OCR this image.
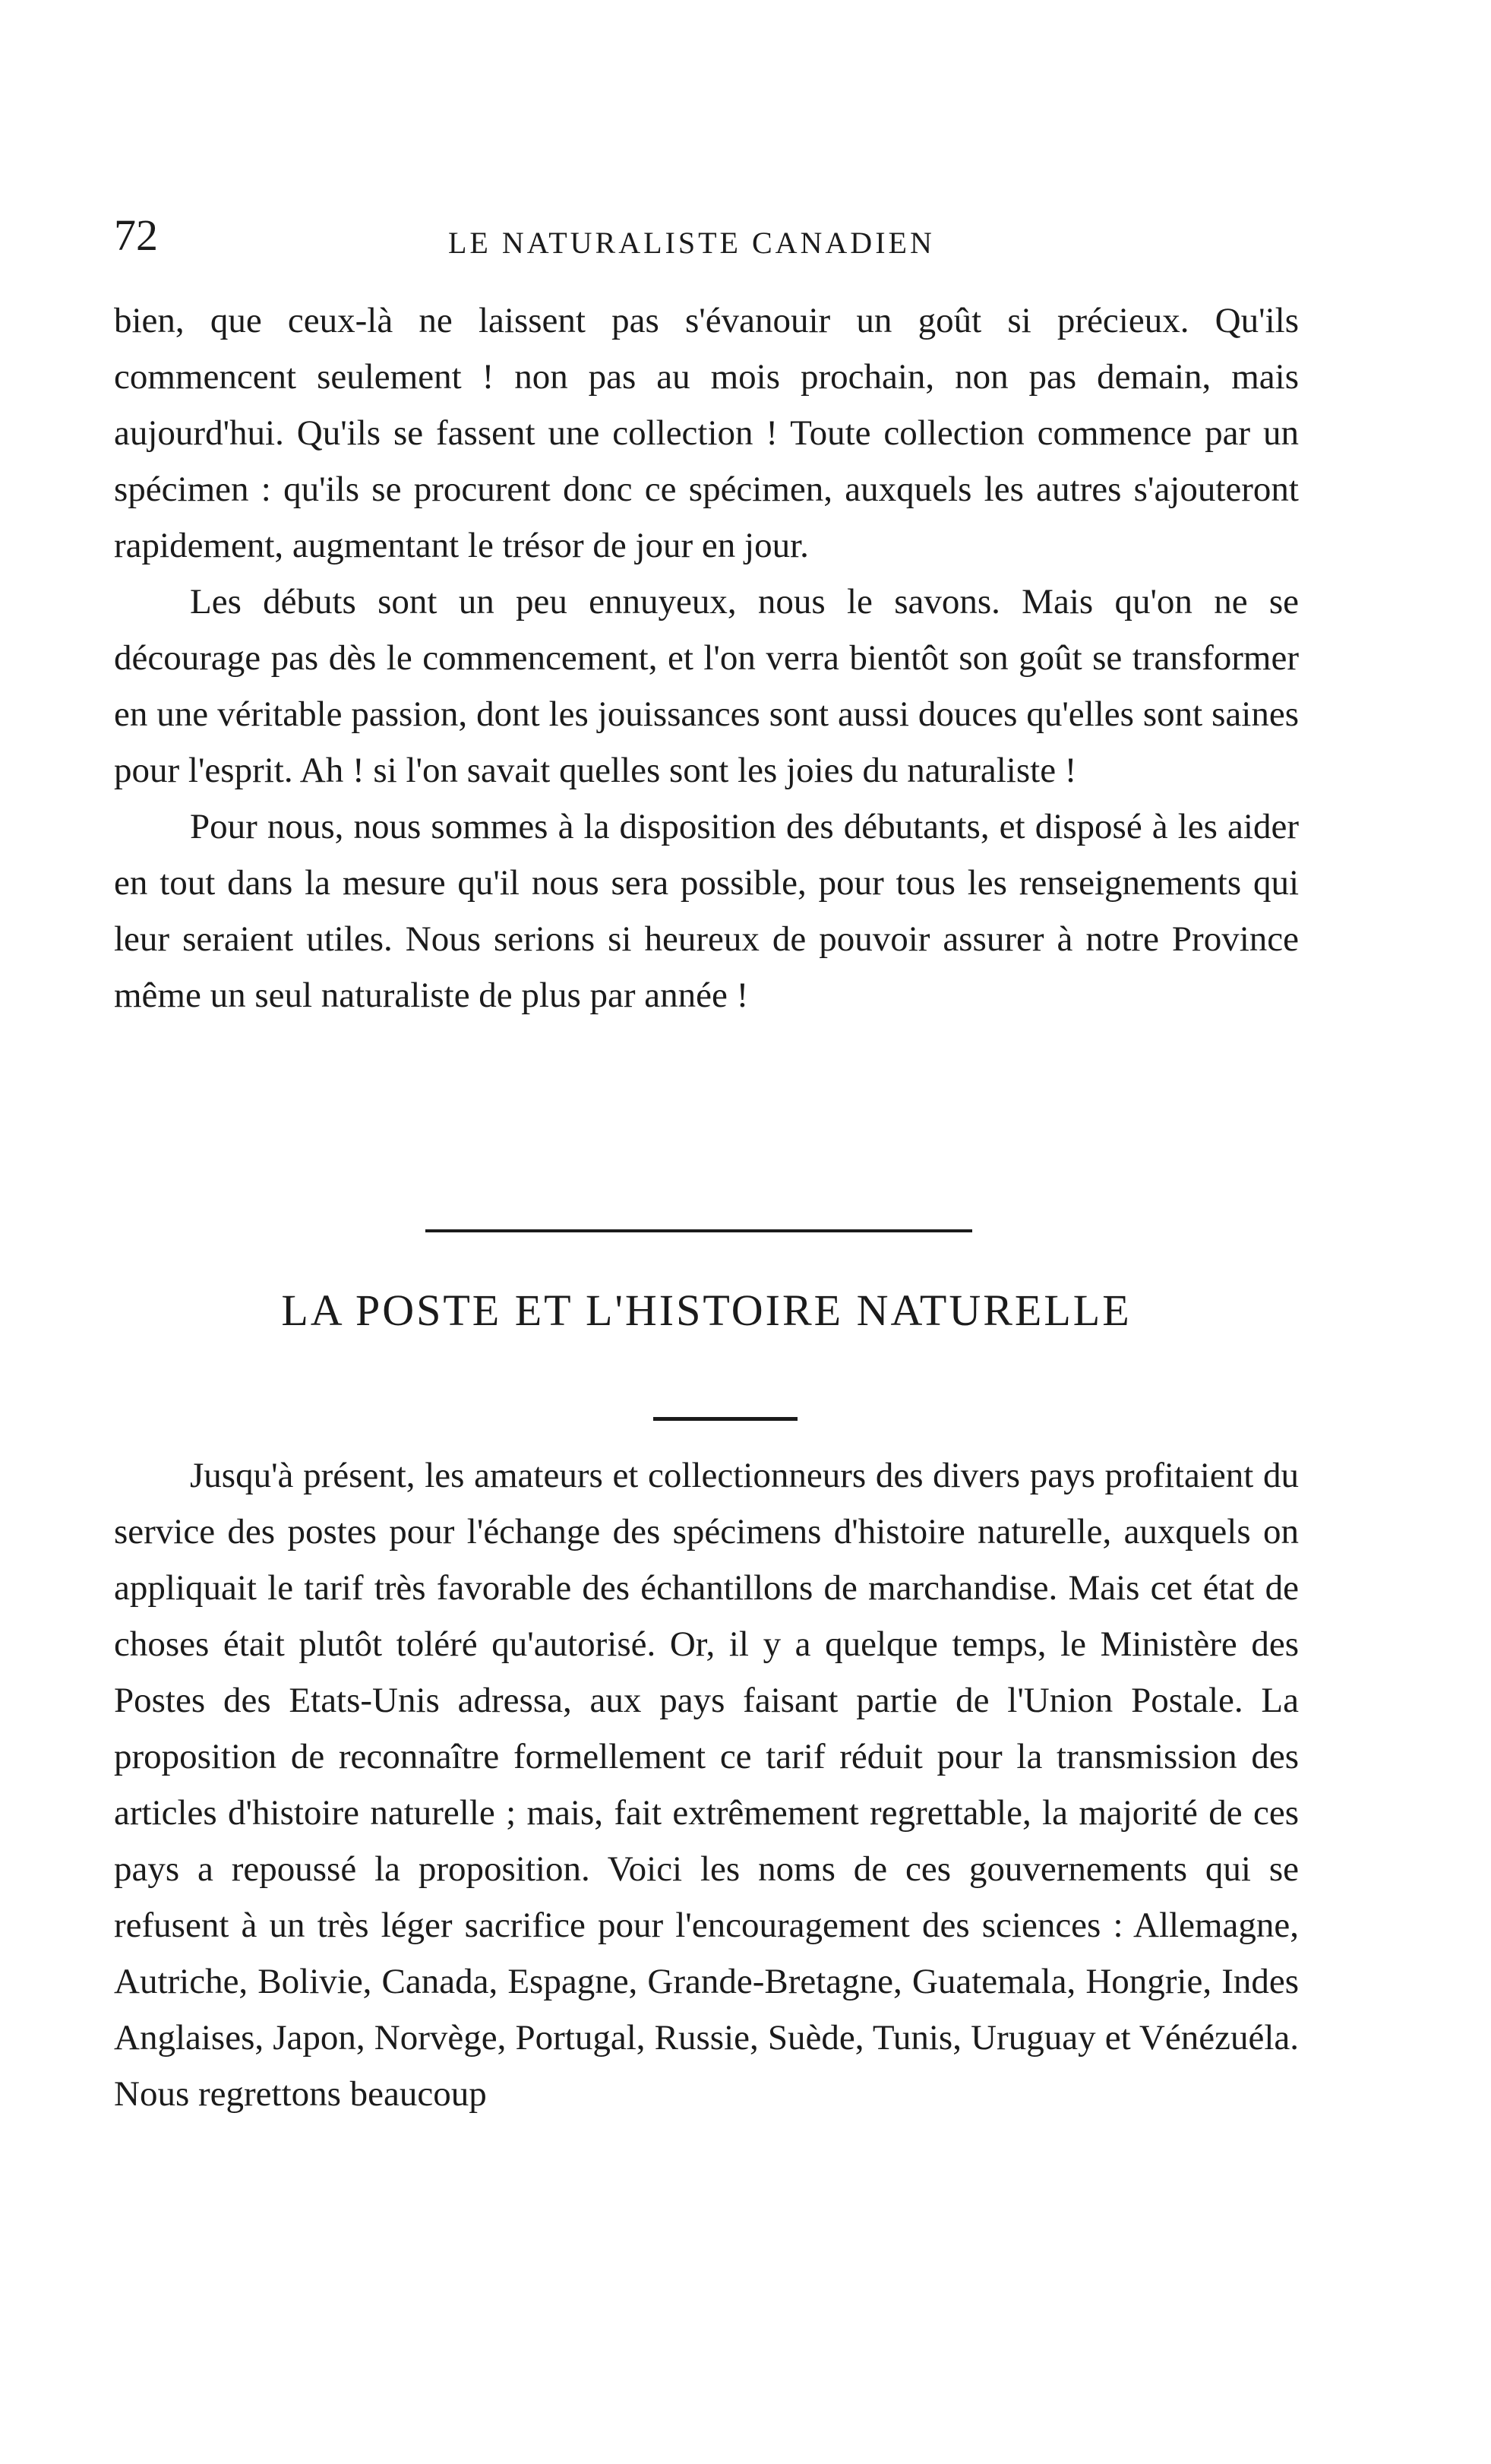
72	LE NATURALISTE CANADIEN

bien, que ceux-là ne laissent pas s'évanouir un goût si précieux. Qu'ils commencent seulement ! non pas au mois prochain, non pas demain, mais aujourd'hui. Qu'ils se fassent une collection ! Toute collection commence par un spécimen : qu'ils se procurent donc ce spécimen, auxquels les autres s'ajouteront rapidement, augmentant le trésor de jour en jour.

Les débuts sont un peu ennuyeux, nous le savons. Mais qu'on ne se décourage pas dès le commencement, et l'on verra bientôt son goût se transformer en une véritable passion, dont les jouissances sont aussi douces qu'elles sont saines pour l'esprit. Ah ! si l'on savait quelles sont les joies du naturaliste !

Pour nous, nous sommes à la disposition des débutants, et disposé à les aider en tout dans la mesure qu'il nous sera possible, pour tous les renseignements qui leur seraient utiles. Nous serions si heureux de pouvoir assurer à notre Province même un seul naturaliste de plus par année !

LA POSTE ET L'HISTOIRE NATURELLE

Jusqu'à présent, les amateurs et collectionneurs des divers pays profitaient du service des postes pour l'échange des spécimens d'histoire naturelle, auxquels on appliquait le tarif très favorable des échantillons de marchandise. Mais cet état de choses était plutôt toléré qu'autorisé. Or, il y a quelque temps, le Ministère des Postes des Etats-Unis adressa, aux pays faisant partie de l'Union Postale. La proposition de reconnaître formellement ce tarif réduit pour la transmission des articles d'histoire naturelle ; mais, fait extrêmement regrettable, la majorité de ces pays a repoussé la proposition. Voici les noms de ces gouvernements qui se refusent à un très léger sacrifice pour l'encouragement des sciences : Allemagne, Autriche, Bolivie, Canada, Espagne, Grande-Bretagne, Guatemala, Hongrie, Indes Anglaises, Japon, Norvège, Portugal, Russie, Suède, Tunis, Uruguay et Vénézuéla. Nous regrettons beaucoup
